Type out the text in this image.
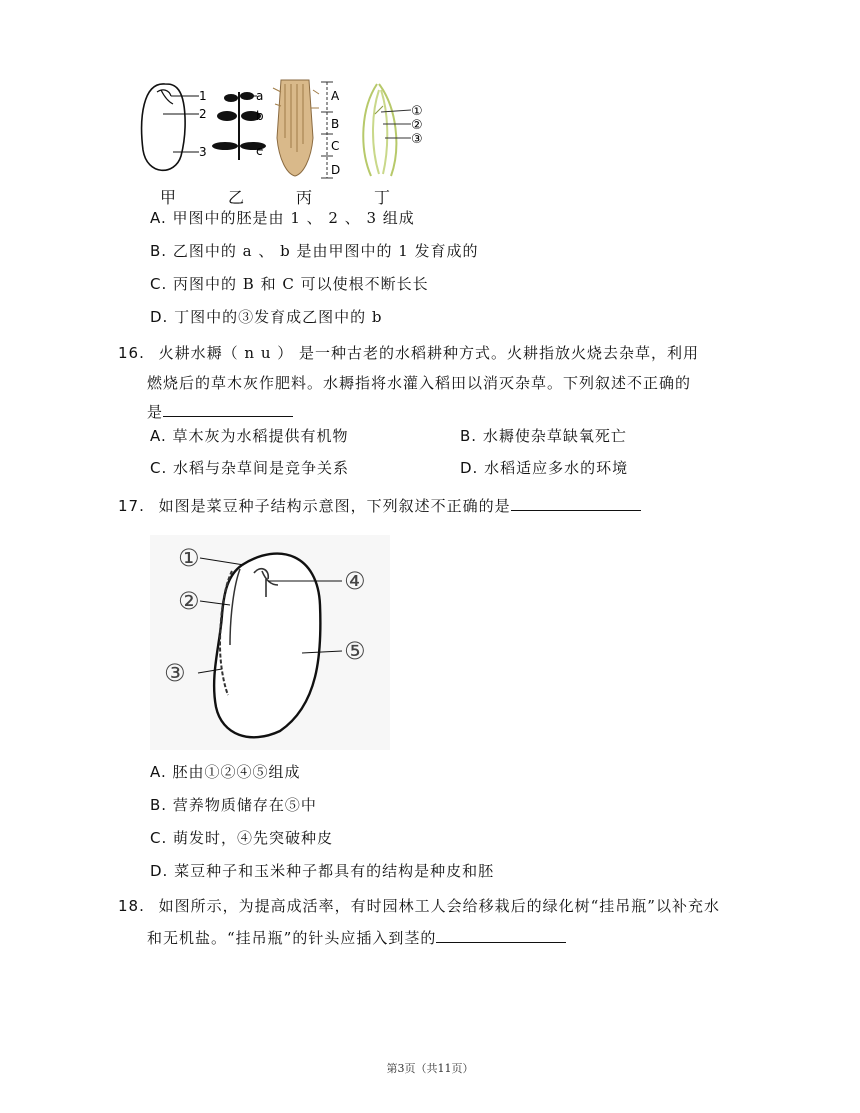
1
2
3
a
b
c
A
B
C
D
①
②
③
甲	乙	丙	丁
A. 甲图中的胚是由 1 、 2 、 3 组成
B. 乙图中的 a 、 b 是由甲图中的 1 发育成的
C. 丙图中的 B 和 C 可以使根不断长长
D. 丁图中的③发育成乙图中的 b
16. 火耕水耨（ n u ） 是一种古老的水稻耕种方式。火耕指放火烧去杂草，利用
燃烧后的草木灰作肥料。水耨指将水灌入稻田以消灭杂草。下列叙述不正确的
是
A. 草木灰为水稻提供有机物	B. 水耨使杂草缺氧死亡
C. 水稻与杂草间是竞争关系	D. 水稻适应多水的环境
17. 如图是菜豆种子结构示意图，下列叙述不正确的是
①
②
③
④
⑤
A. 胚由①②④⑤组成
B. 营养物质储存在⑤中
C. 萌发时，④先突破种皮
D. 菜豆种子和玉米种子都具有的结构是种皮和胚
18. 如图所示，为提高成活率，有时园林工人会给移栽后的绿化树“挂吊瓶”以补充水
和无机盐。“挂吊瓶”的针头应插入到茎的
第3页（共11页）
